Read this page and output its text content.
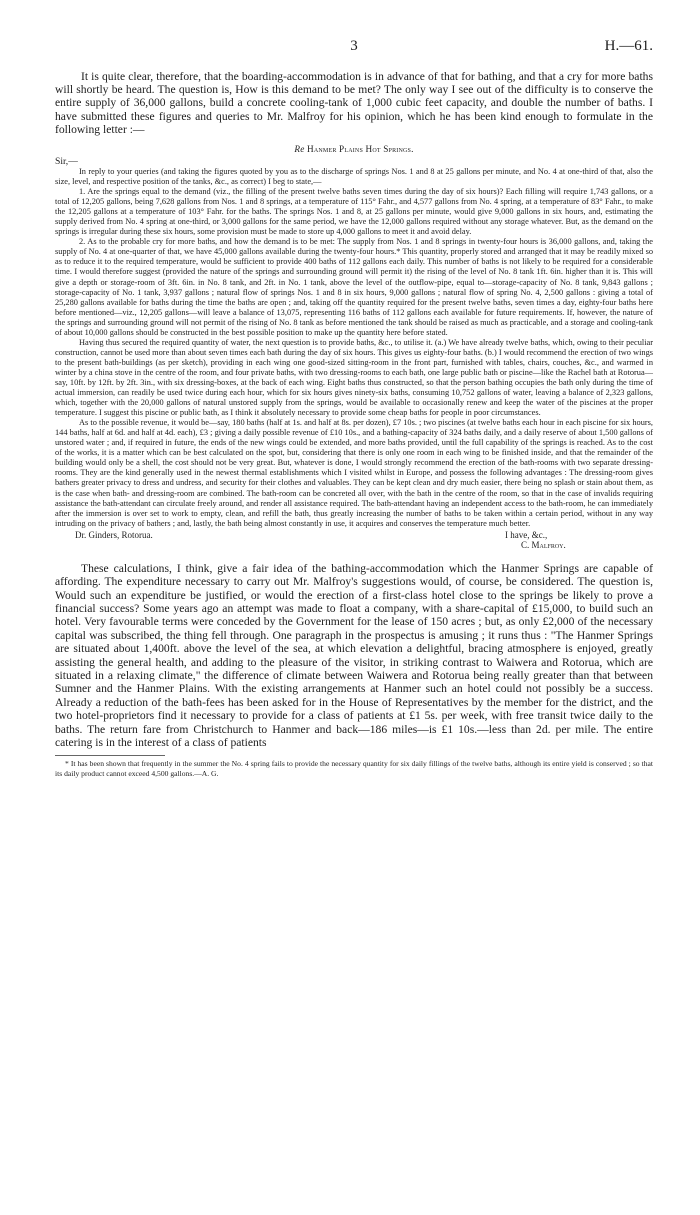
3	H.—61.

It is quite clear, therefore, that the boarding-accommodation is in advance of that for bathing, and that a cry for more baths will shortly be heard. The question is, How is this demand to be met? The only way I see out of the difficulty is to conserve the entire supply of 36,000 gallons, build a concrete cooling-tank of 1,000 cubic feet capacity, and double the number of baths. I have submitted these figures and queries to Mr. Malfroy for his opinion, which he has been kind enough to formulate in the following letter :—

Re Hanmer Plains Hot Springs.
Sir,—

In reply to your queries (and taking the figures quoted by you as to the discharge of springs Nos. 1 and 8 at 25 gallons per minute, and No. 4 at one-third of that, also the size, level, and respective position of the tanks, &c., as correct) I beg to state,—

1. Are the springs equal to the demand (viz., the filling of the present twelve baths seven times during the day of six hours)? Each filling will require 1,743 gallons, or a total of 12,205 gallons, being 7,628 gallons from Nos. 1 and 8 springs, at a temperature of 115° Fahr., and 4,577 gallons from No. 4 spring, at a temperature of 83° Fahr., to make the 12,205 gallons at a temperature of 103° Fahr. for the baths. The springs Nos. 1 and 8, at 25 gallons per minute, would give 9,000 gallons in six hours, and, estimating the supply derived from No. 4 spring at one-third, or 3,000 gallons for the same period, we have the 12,000 gallons required without any storage whatever. But, as the demand on the springs is irregular during these six hours, some provision must be made to store up 4,000 gallons to meet it and avoid delay.

2. As to the probable cry for more baths, and how the demand is to be met: The supply from Nos. 1 and 8 springs in twenty-four hours is 36,000 gallons, and, taking the supply of No. 4 at one-quarter of that, we have 45,000 gallons available during the twenty-four hours.* This quantity, properly stored and arranged that it may be readily mixed so as to reduce it to the required temperature, would be sufficient to provide 400 baths of 112 gallons each daily. This number of baths is not likely to be required for a considerable time. I would therefore suggest (provided the nature of the springs and surrounding ground will permit it) the rising of the level of No. 8 tank 1ft. 6in. higher than it is. This will give a depth or storage-room of 3ft. 6in. in No. 8 tank, and 2ft. in No. 1 tank, above the level of the outflow-pipe, equal to—storage-capacity of No. 8 tank, 9,843 gallons ; storage-capacity of No. 1 tank, 3,937 gallons ; natural flow of springs Nos. 1 and 8 in six hours, 9,000 gallons ; natural flow of spring No. 4, 2,500 gallons : giving a total of 25,280 gallons available for baths during the time the baths are open ; and, taking off the quantity required for the present twelve baths, seven times a day, eighty-four baths here before mentioned—viz., 12,205 gallons—will leave a balance of 13,075, representing 116 baths of 112 gallons each available for future requirements. If, however, the nature of the springs and surrounding ground will not permit of the rising of No. 8 tank as before mentioned the tank should be raised as much as practicable, and a storage and cooling-tank of about 10,000 gallons should be constructed in the best possible position to make up the quantity here before stated.

Having thus secured the required quantity of water, the next question is to provide baths, &c., to utilise it. (a.) We have already twelve baths, which, owing to their peculiar construction, cannot be used more than about seven times each bath during the day of six hours. This gives us eighty-four baths. (b.) I would recommend the erection of two wings to the present bath-buildings (as per sketch), providing in each wing one good-sized sitting-room in the front part, furnished with tables, chairs, couches, &c., and warmed in winter by a china stove in the centre of the room, and four private baths, with two dressing-rooms to each bath, one large public bath or piscine—like the Rachel bath at Rotorua—say, 10ft. by 12ft. by 2ft. 3in., with six dressing-boxes, at the back of each wing. Eight baths thus constructed, so that the person bathing occupies the bath only during the time of actual immersion, can readily be used twice during each hour, which for six hours gives ninety-six baths, consuming 10,752 gallons of water, leaving a balance of 2,323 gallons, which, together with the 20,000 gallons of natural unstored supply from the springs, would be available to occasionally renew and keep the water of the piscines at the proper temperature. I suggest this piscine or public bath, as I think it absolutely necessary to provide some cheap baths for people in poor circumstances.

As to the possible revenue, it would be—say, 180 baths (half at 1s. and half at 8s. per dozen), £7 10s. ; two piscines (at twelve baths each hour in each piscine for six hours, 144 baths, half at 6d. and half at 4d. each), £3 ; giving a daily possible revenue of £10 10s., and a bathing-capacity of 324 baths daily, and a daily reserve of about 1,500 gallons of unstored water ; and, if required in future, the ends of the new wings could be extended, and more baths provided, until the full capability of the springs is reached. As to the cost of the works, it is a matter which can be best calculated on the spot, but, considering that there is only one room in each wing to be finished inside, and that the remainder of the building would only be a shell, the cost should not be very great. But, whatever is done, I would strongly recommend the erection of the bath-rooms with two separate dressing-rooms. They are the kind generally used in the newest thermal establishments which I visited whilst in Europe, and possess the following advantages : The dressing-room gives bathers greater privacy to dress and undress, and security for their clothes and valuables. They can be kept clean and dry much easier, there being no splash or stain about them, as is the case when bath- and dressing-room are combined. The bath-room can be concreted all over, with the bath in the centre of the room, so that in the case of invalids requiring assistance the bath-attendant can circulate freely around, and render all assistance required. The bath-attendant having an independent access to the bath-room, he can immediately after the immersion is over set to work to empty, clean, and refill the bath, thus greatly increasing the number of baths to be taken within a certain period, without in any way intruding on the privacy of bathers ; and, lastly, the bath being almost constantly in use, it acquires and conserves the temperature much better.

Dr. Ginders, Rotorua.	I have, &c.,
C. Malfroy.

These calculations, I think, give a fair idea of the bathing-accommodation which the Hanmer Springs are capable of affording. The expenditure necessary to carry out Mr. Malfroy's suggestions would, of course, be considered. The question is, Would such an expenditure be justified, or would the erection of a first-class hotel close to the springs be likely to prove a financial success? Some years ago an attempt was made to float a company, with a share-capital of £15,000, to build such an hotel. Very favourable terms were conceded by the Government for the lease of 150 acres ; but, as only £2,000 of the necessary capital was subscribed, the thing fell through. One paragraph in the prospectus is amusing ; it runs thus : "The Hanmer Springs are situated about 1,400ft. above the level of the sea, at which elevation a delightful, bracing atmosphere is enjoyed, greatly assisting the general health, and adding to the pleasure of the visitor, in striking contrast to Waiwera and Rotorua, which are situated in a relaxing climate," the difference of climate between Waiwera and Rotorua being really greater than that between Sumner and the Hanmer Plains. With the existing arrangements at Hanmer such an hotel could not possibly be a success. Already a reduction of the bath-fees has been asked for in the House of Representatives by the member for the district, and the two hotel-proprietors find it necessary to provide for a class of patients at £1 5s. per week, with free transit twice daily to the baths. The return fare from Christchurch to Hanmer and back—186 miles—is £1 10s.—less than 2d. per mile. The entire catering is in the interest of a class of patients

* It has been shown that frequently in the summer the No. 4 spring fails to provide the necessary quantity for six daily fillings of the twelve baths, although its entire yield is conserved ; so that its daily product cannot exceed 4,500 gallons.—A. G.
